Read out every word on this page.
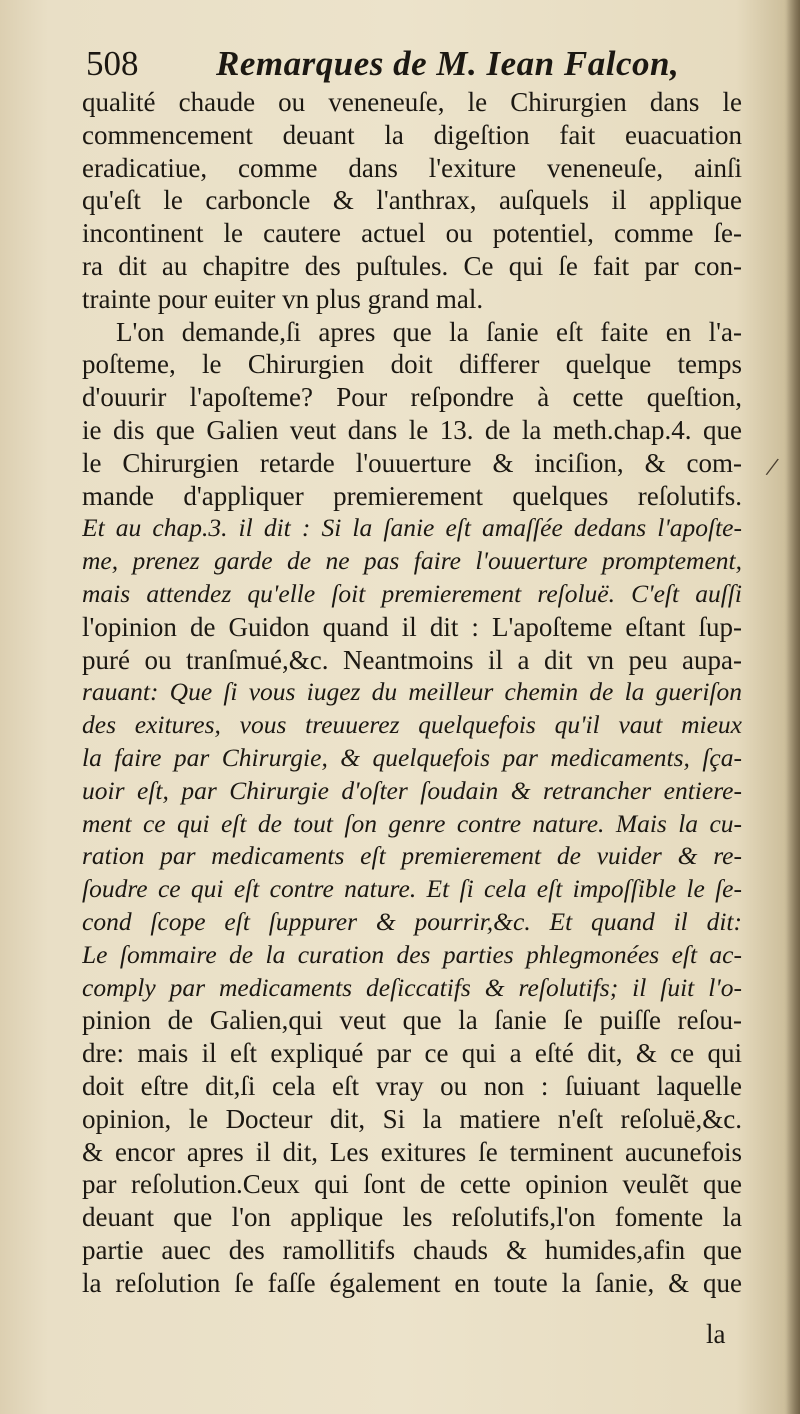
508 Remarques de M. Iean Falcon,
qualité chaude ou veneneuſe, le Chirurgien dans le
commencement deuant la digeſtion fait euacuation
eradicatiue, comme dans l'exiture veneneuſe, ainſi
qu'eſt le carboncle & l'anthrax, auſquels il applique
incontinent le cautere actuel ou potentiel, comme ſe-
ra dit au chapitre des puſtules. Ce qui ſe fait par con-
trainte pour euiter vn plus grand mal.
L'on demande,ſi apres que la ſanie eſt faite en l'a-
poſteme, le Chirurgien doit differer quelque temps
d'ouurir l'apoſteme? Pour reſpondre à cette queſtion,
ie dis que Galien veut dans le 13. de la meth.chap.4. que
le Chirurgien retarde l'ouuerture & inciſion, & com-
mande d'appliquer premierement quelques reſolutifs.
Et au chap.3. il dit : Si la ſanie eſt amaſſée dedans l'apoſte-
me, prenez garde de ne pas faire l'ouuerture promptement,
mais attendez qu'elle ſoit premierement reſoluë. C'eſt auſſi
l'opinion de Guidon quand il dit : L'apoſteme eſtant ſup-
puré ou tranſmué,&c. Neantmoins il a dit vn peu aupa-
rauant: Que ſi vous iugez du meilleur chemin de la gueriſon
des exitures, vous treuuerez quelquefois qu'il vaut mieux
la faire par Chirurgie, & quelquefois par medicaments, ſça-
uoir eſt, par Chirurgie d'oſter ſoudain & retrancher entiere-
ment ce qui eſt de tout ſon genre contre nature. Mais la cu-
ration par medicaments eſt premierement de vuider & re-
ſoudre ce qui eſt contre nature. Et ſi cela eſt impoſſible le ſe-
cond ſcope eſt ſuppurer & pourrir,&c. Et quand il dit:
Le ſommaire de la curation des parties phlegmonées eſt ac-
comply par medicaments deſiccatifs & reſolutifs; il ſuit l'o-
pinion de Galien,qui veut que la ſanie ſe puiſſe reſou-
dre: mais il eſt expliqué par ce qui a eſté dit, & ce qui
doit eſtre dit,ſi cela eſt vray ou non : ſuiuant laquelle
opinion, le Docteur dit, Si la matiere n'eſt reſoluë,&c.
& encor apres il dit, Les exitures ſe terminent aucunefois
par reſolution.Ceux qui ſont de cette opinion veulẽt que
deuant que l'on applique les reſolutifs,l'on fomente la
partie auec des ramollitifs chauds & humides,afin que
la reſolution ſe faſſe également en toute la ſanie, & que
la
/
